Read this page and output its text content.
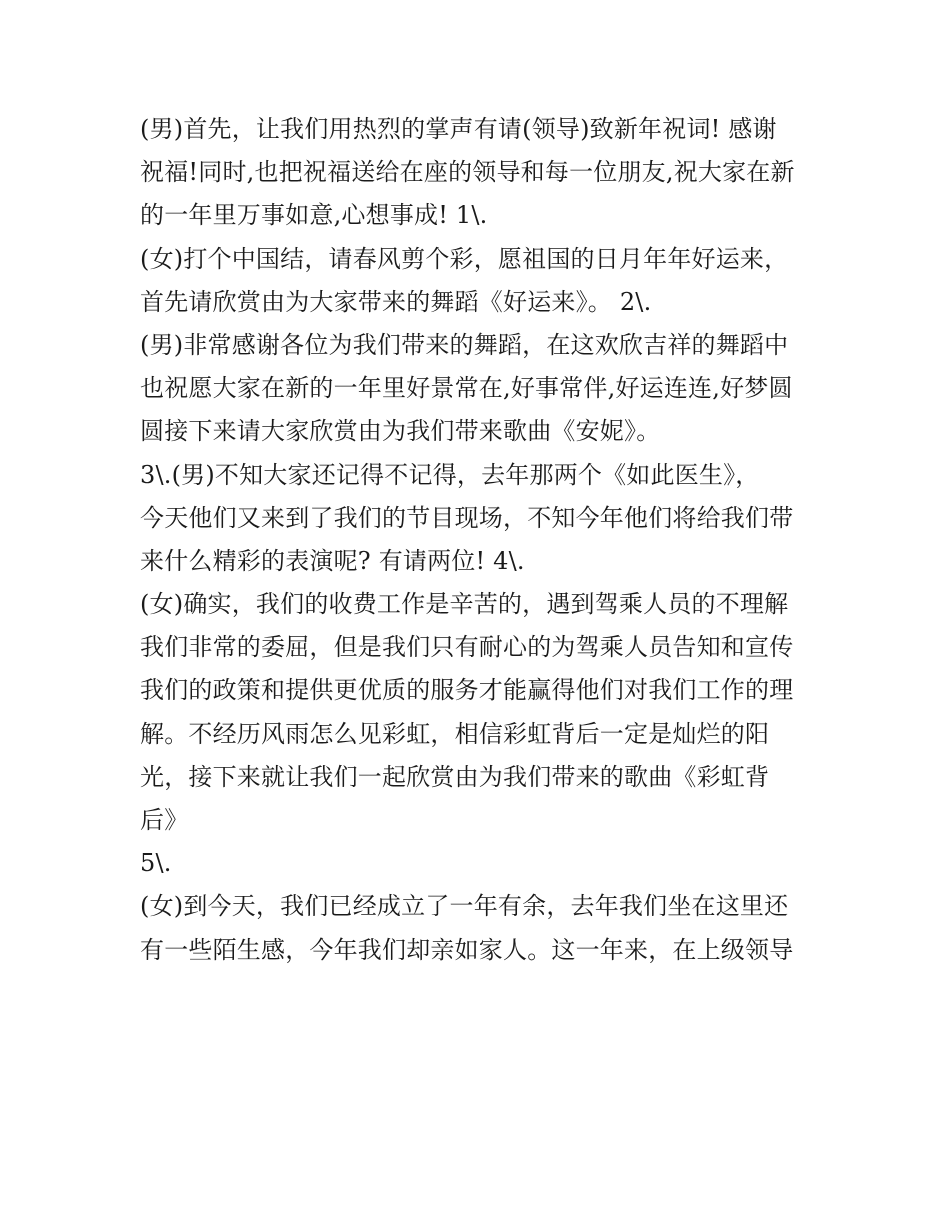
(男)首先，让我们用热烈的掌声有请(领导)致新年祝词! 感谢
祝福!同时,也把祝福送给在座的领导和每一位朋友,祝大家在新
的一年里万事如意,心想事成! 1\.
(女)打个中国结，请春风剪个彩，愿祖国的日月年年好运来，
首先请欣赏由为大家带来的舞蹈《好运来》。 2\.
(男)非常感谢各位为我们带来的舞蹈，在这欢欣吉祥的舞蹈中
也祝愿大家在新的一年里好景常在,好事常伴,好运连连,好梦圆
圆接下来请大家欣赏由为我们带来歌曲《安妮》。
3\.(男)不知大家还记得不记得，去年那两个《如此医生》，
今天他们又来到了我们的节目现场，不知今年他们将给我们带
来什么精彩的表演呢? 有请两位! 4\.
(女)确实，我们的收费工作是辛苦的，遇到驾乘人员的不理解
我们非常的委屈，但是我们只有耐心的为驾乘人员告知和宣传
我们的政策和提供更优质的服务才能赢得他们对我们工作的理
解。不经历风雨怎么见彩虹，相信彩虹背后一定是灿烂的阳
光，接下来就让我们一起欣赏由为我们带来的歌曲《彩虹背
后》
5\.
(女)到今天，我们已经成立了一年有余，去年我们坐在这里还
有一些陌生感，今年我们却亲如家人。这一年来，在上级领导
